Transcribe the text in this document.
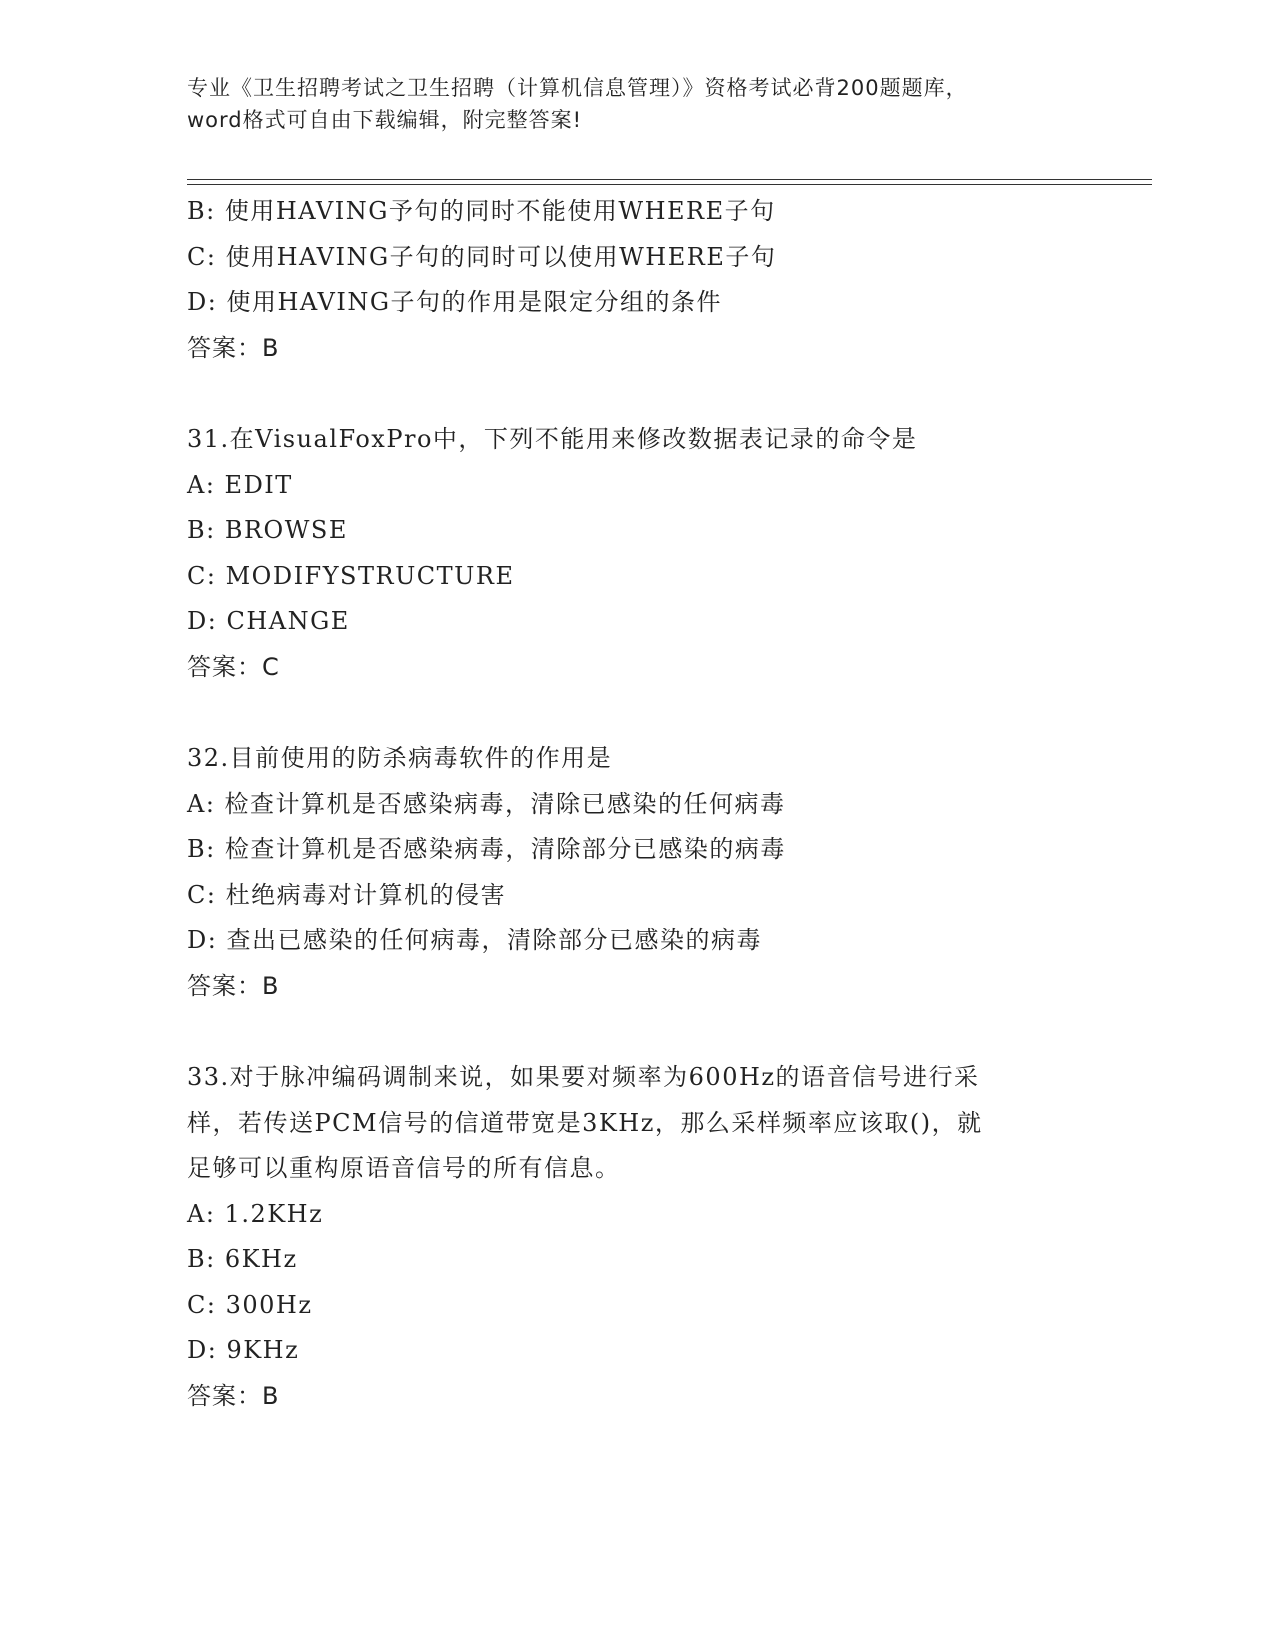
专业《卫生招聘考试之卫生招聘（计算机信息管理）》资格考试必背200题题库，
word格式可自由下载编辑，附完整答案!
B: 使用HAVING予句的同时不能使用WHERE子句
C: 使用HAVING子句的同时可以使用WHERE子句
D: 使用HAVING子句的作用是限定分组的条件
答案：B
31.在VisualFoxPro中，下列不能用来修改数据表记录的命令是
A: EDIT
B: BROWSE
C: MODIFYSTRUCTURE
D: CHANGE
答案：C
32.目前使用的防杀病毒软件的作用是
A: 检查计算机是否感染病毒，清除已感染的任何病毒
B: 检查计算机是否感染病毒，清除部分已感染的病毒
C: 杜绝病毒对计算机的侵害
D: 查出已感染的任何病毒，清除部分已感染的病毒
答案：B
33.对于脉冲编码调制来说，如果要对频率为600Hz的语音信号进行采
样，若传送PCM信号的信道带宽是3KHz，那么采样频率应该取()，就
足够可以重构原语音信号的所有信息。
A: 1.2KHz
B: 6KHz
C: 300Hz
D: 9KHz
答案：B
